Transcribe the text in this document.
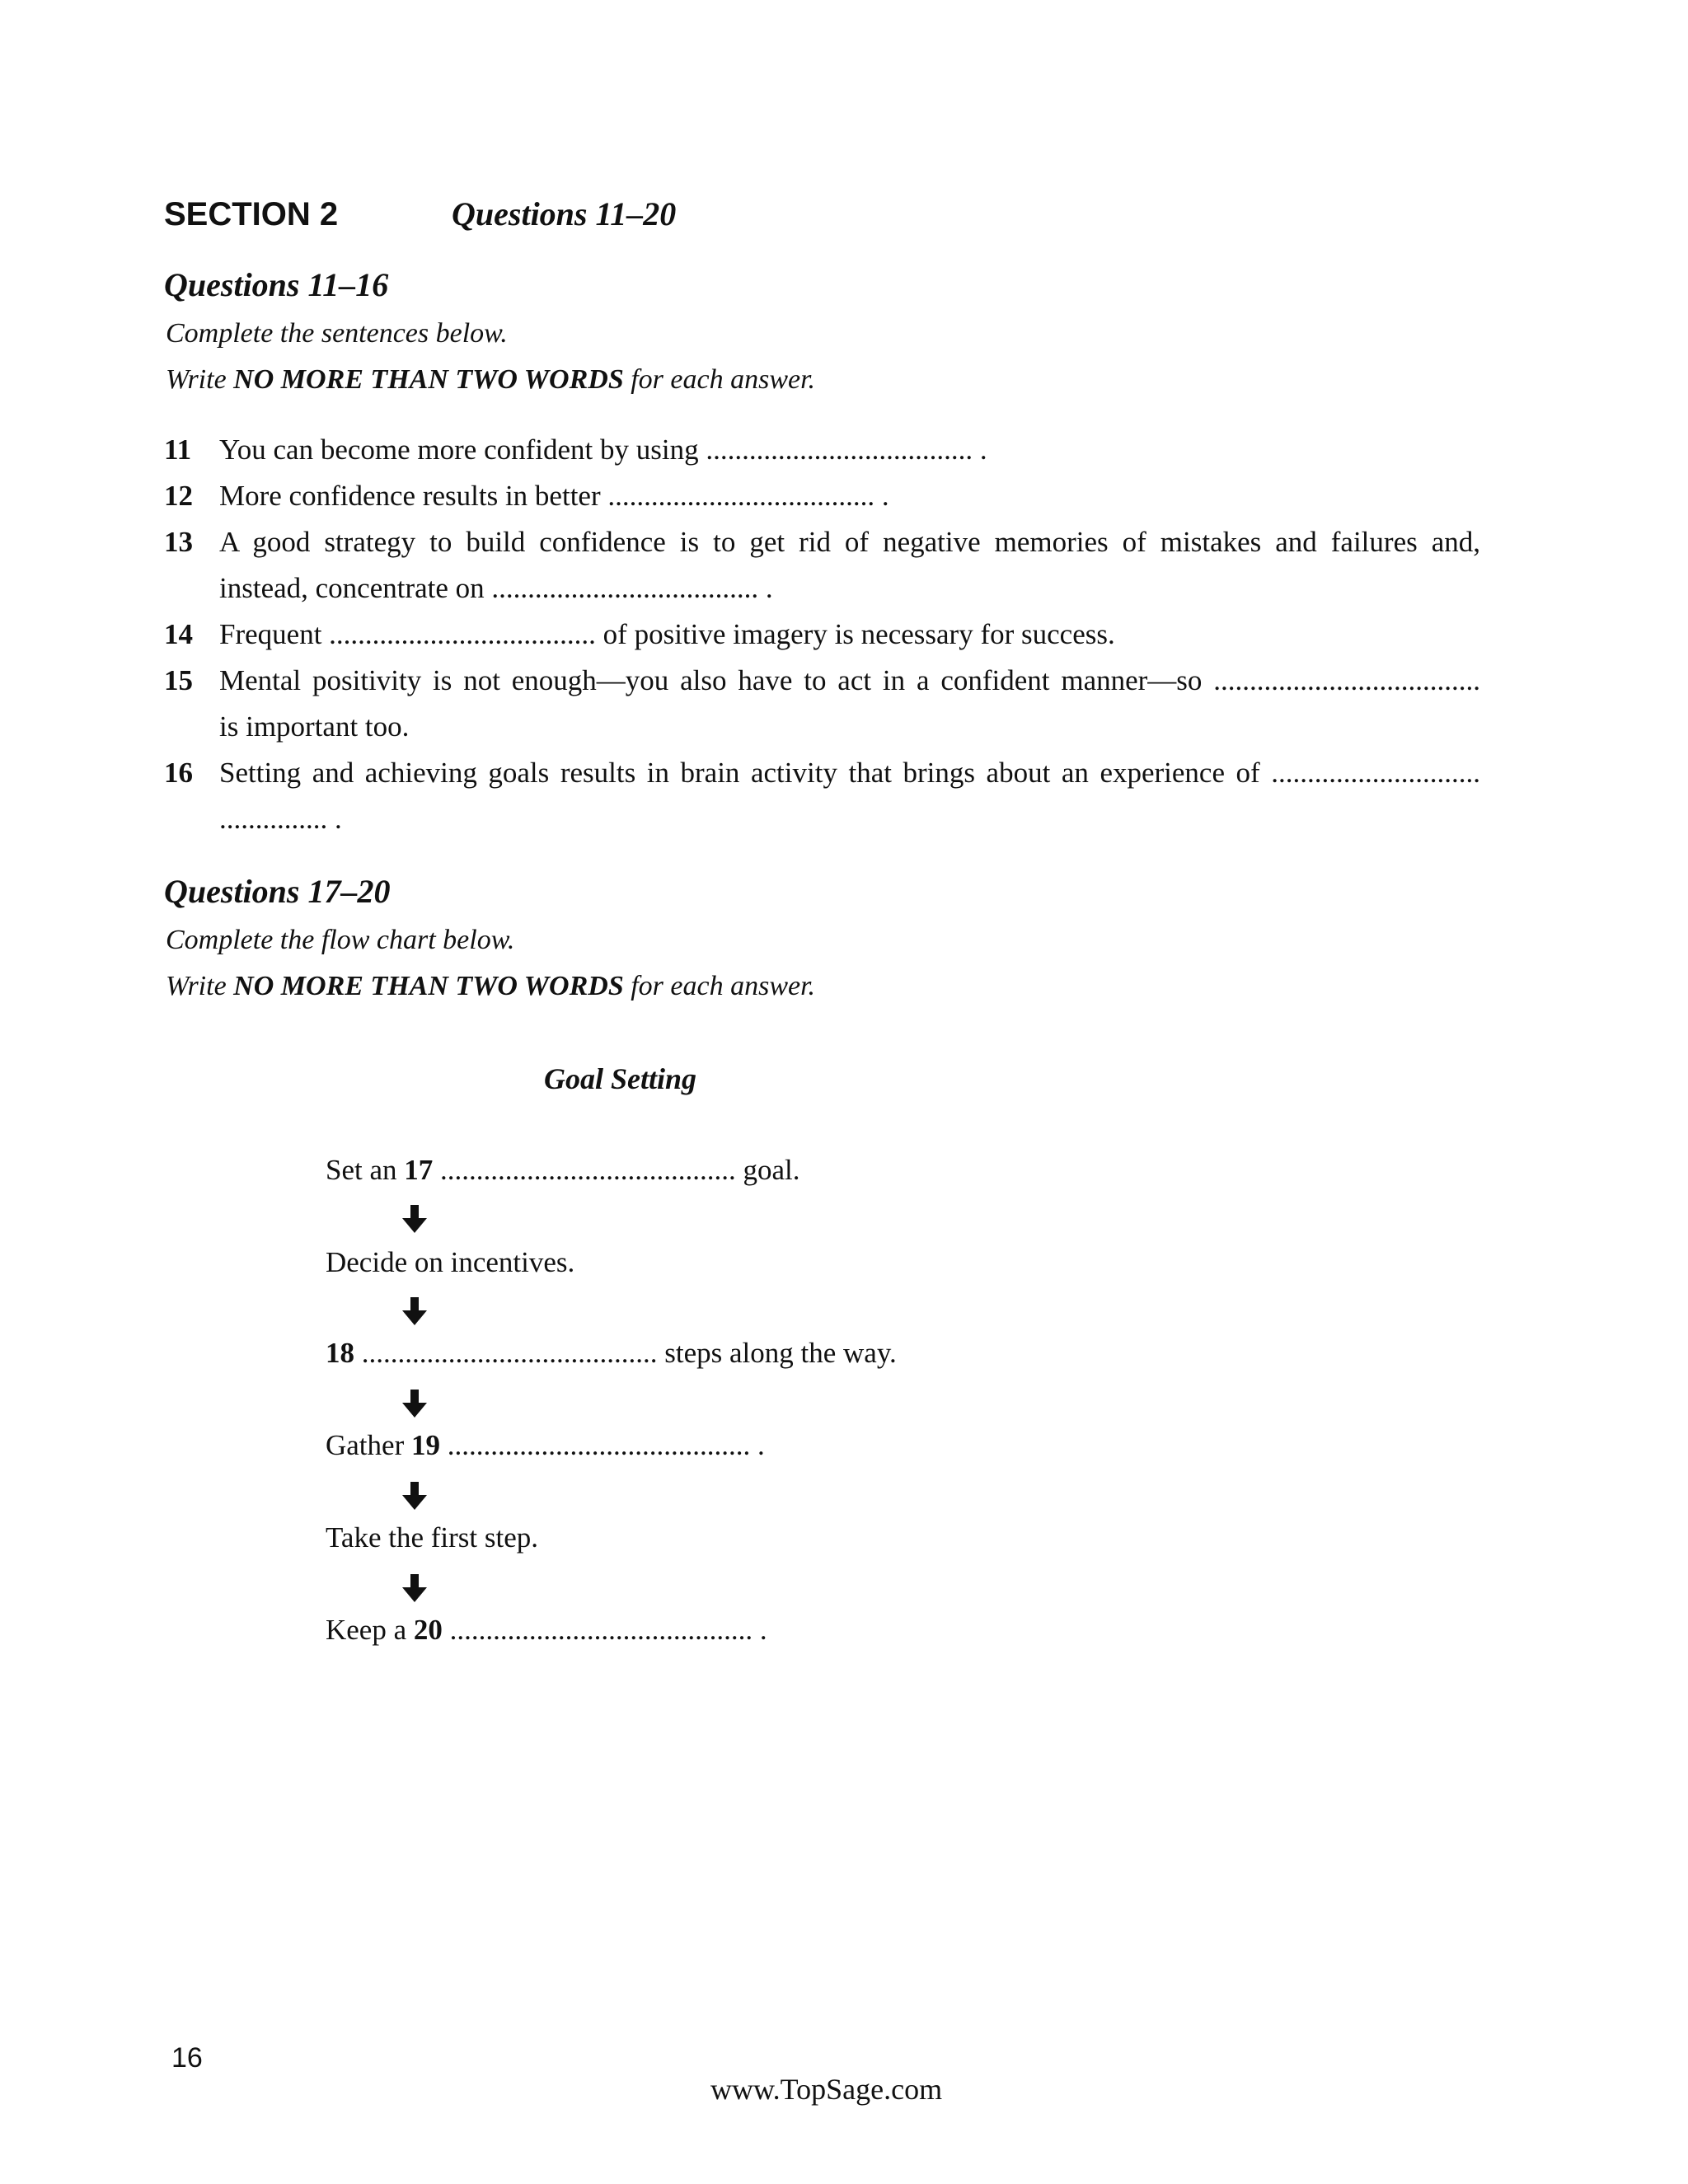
SECTION 2	Questions 11–20
Questions 11–16
Complete the sentences below.
Write NO MORE THAN TWO WORDS for each answer.
11 You can become more confident by using ..................................... .
12 More confidence results in better ..................................... .
13 A good strategy to build confidence is to get rid of negative memories of mistakes and failures and,
instead, concentrate on ..................................... .
14 Frequent ..................................... of positive imagery is necessary for success.
15 Mental positivity is not enough—you also have to act in a confident manner—so .....................................
is important too.
16 Setting and achieving goals results in brain activity that brings about an experience of .............................
............... .
Questions 17–20
Complete the flow chart below.
Write NO MORE THAN TWO WORDS for each answer.
Goal Setting
Set an 17 ......................................... goal.
Decide on incentives.
18 ......................................... steps along the way.
Gather 19 .......................................... .
Take the first step.
Keep a 20 .......................................... .
16
www.TopSage.com
